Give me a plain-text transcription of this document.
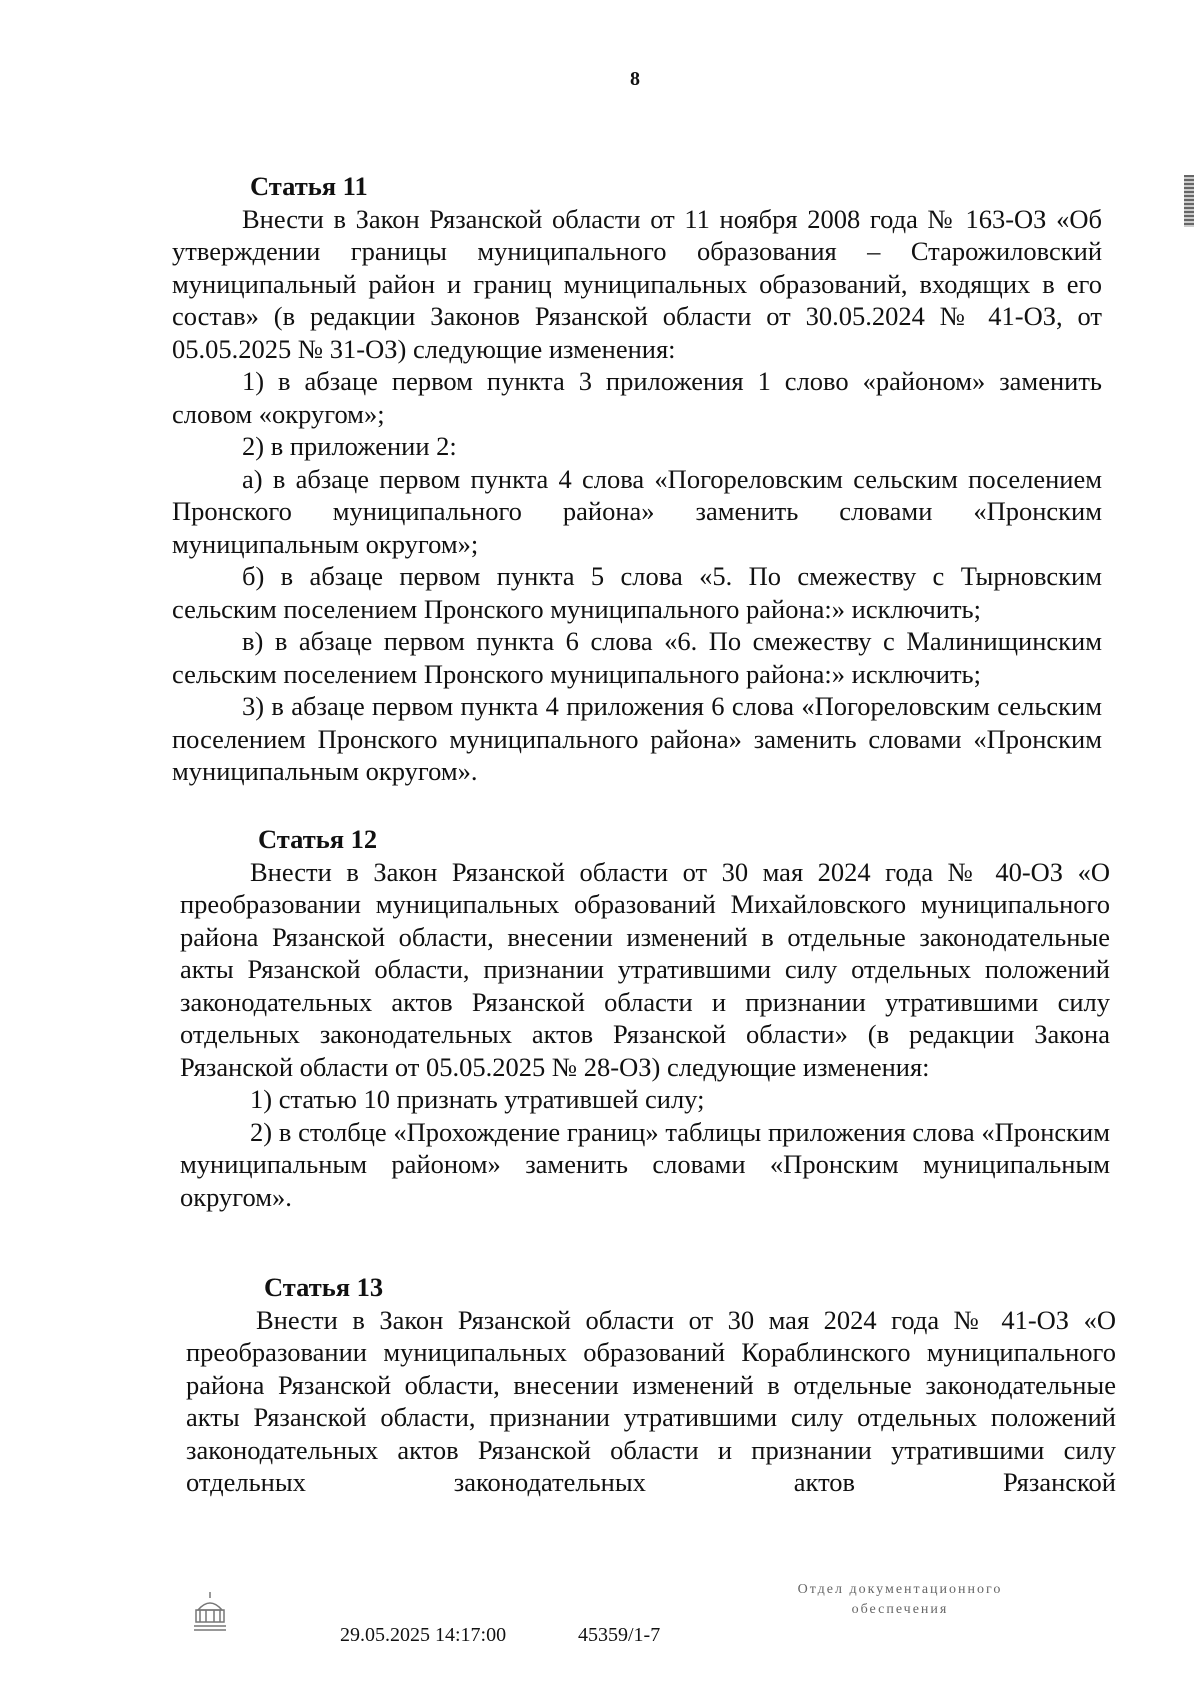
8
Статья 11

Внести в Закон Рязанской области от 11 ноября 2008 года № 163-ОЗ «Об утверждении границы муниципального образования – Старожиловский муниципальный район и границ муниципальных образований, входящих в его состав» (в редакции Законов Рязанской области от 30.05.2024 № 41-ОЗ, от 05.05.2025 № 31-ОЗ) следующие изменения:

1) в абзаце первом пункта 3 приложения 1 слово «районом» заменить словом «округом»;

2) в приложении 2:

а) в абзаце первом пункта 4 слова «Погореловским сельским поселением Пронского муниципального района» заменить словами «Пронским муниципальным округом»;

б) в абзаце первом пункта 5 слова «5. По смежеству с Тырновским сельским поселением Пронского муниципального района:» исключить;

в) в абзаце первом пункта 6 слова «6. По смежеству с Малинищинским сельским поселением Пронского муниципального района:» исключить;

3) в абзаце первом пункта 4 приложения 6 слова «Погореловским сельским поселением Пронского муниципального района» заменить словами «Пронским муниципальным округом».

Статья 12

Внести в Закон Рязанской области от 30 мая 2024 года № 40-ОЗ «О преобразовании муниципальных образований Михайловского муниципального района Рязанской области, внесении изменений в отдельные законодательные акты Рязанской области, признании утратившими силу отдельных положений законодательных актов Рязанской области и признании утратившими силу отдельных законодательных актов Рязанской области» (в редакции Закона Рязанской области от 05.05.2025 № 28-ОЗ) следующие изменения:

1) статью 10 признать утратившей силу;

2) в столбце «Прохождение границ» таблицы приложения слова «Пронским муниципальным районом» заменить словами «Пронским муниципальным округом».

Статья 13

Внести в Закон Рязанской области от 30 мая 2024 года № 41-ОЗ «О преобразовании муниципальных образований Кораблинского муниципального района Рязанской области, внесении изменений в отдельные законодательные акты Рязанской области, признании утратившими силу отдельных положений законодательных актов Рязанской области и признании утратившими силу отдельных законодательных актов Рязанской

29.05.2025 14:17:00	45359/1-7
Отдел документационного
обеспечения
